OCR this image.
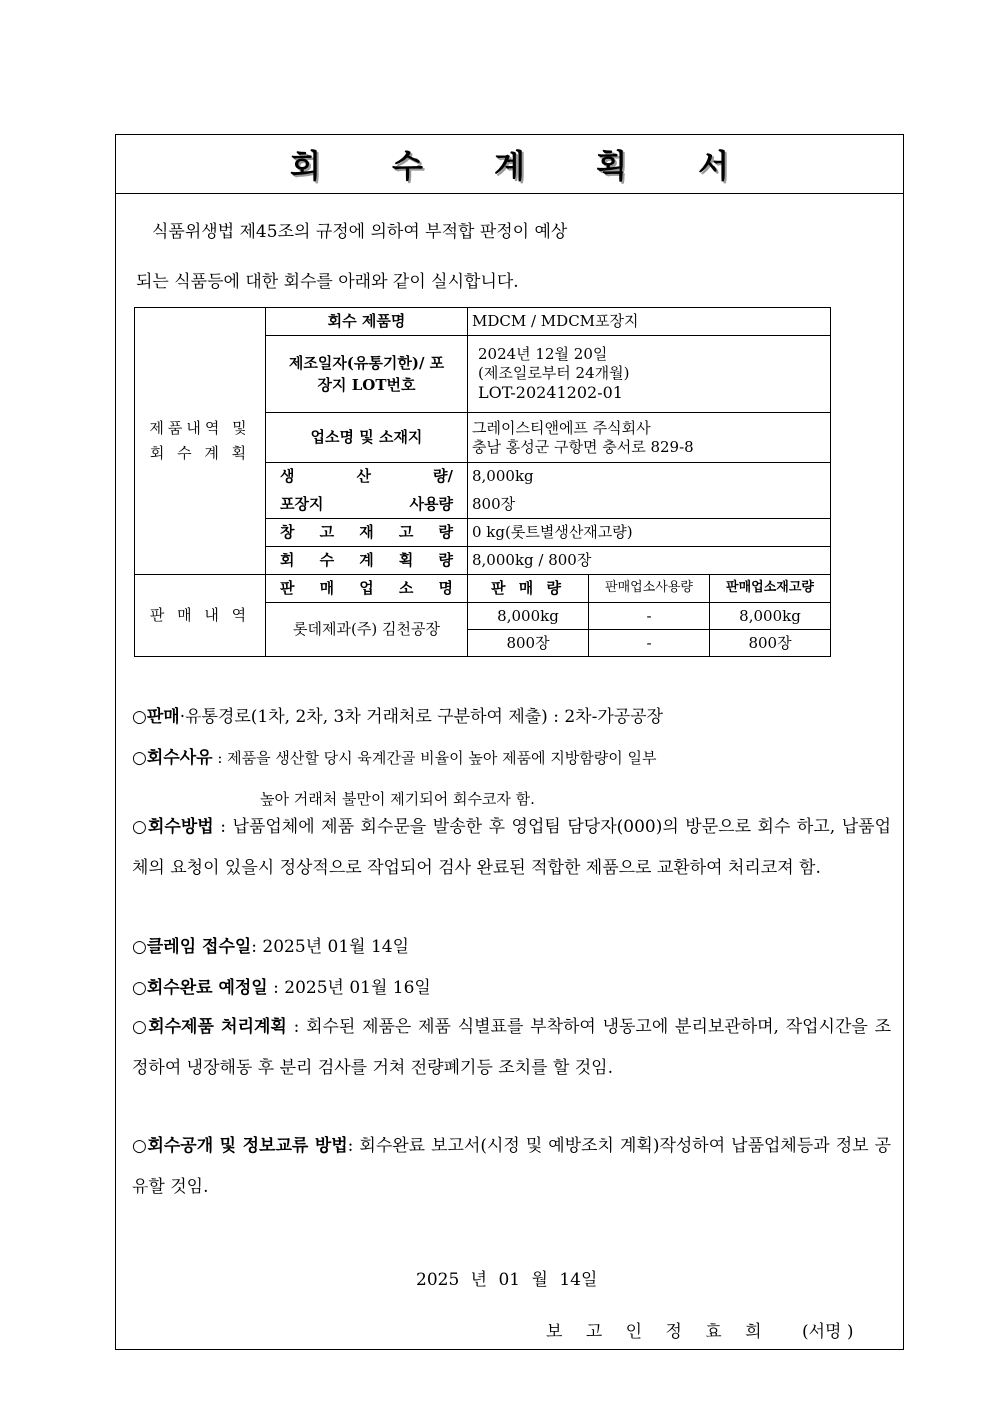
회 수 계 획 서
식품위생법 제45조의 규정에 의하여 부적합 판정이 예상
되는 식품등에 대한 회수를 아래와 같이 실시합니다.
제품내역 및 회 수 계 획	회수 제품명	MDCM / MDCM포장지		
	제조일자(유통기한)/ 포장지 LOT번호	2024년 12월 20일
(제조일로부터 24개월)
LOT-20241202-01		

	업소명 및 소재지	그레이스티앤에프 주식회사
충남 홍성군 구항면 충서로 829-8		

	생 산 량/	8,000kg		
	포장지 사용량	800장		
	창 고 재 고 량	0 kg(롯트별생산재고량)		
	회 수 계 획 량	8,000kg / 800장		
판 매 내 역	판 매 업 소 명	판 매 량	판매업소사용량	판매업소재고량
	롯데제과(주) 김천공장	8,000kg	-	8,000kg
		800장	-	800장
○판매·유통경로(1차, 2차, 3차 거래처로 구분하여 제출) : 2차-가공공장
○회수사유 : 제품을 생산할 당시 육계간골 비율이 높아 제품에 지방함량이 일부
높아 거래처 불만이 제기되어 회수코자 함.
○회수방법 : 납품업체에 제품 회수문을 발송한 후 영업팀 담당자(000)의 방문으로 회수 하고, 납품업체의 요청이 있을시 정상적으로 작업되어 검사 완료된 적합한 제품으로 교환하여 처리코져 함.
○클레임 접수일: 2025년 01월 14일
○회수완료 예정일 : 2025년 01월 16일
○회수제품 처리계획 : 회수된 제품은 제품 식별표를 부착하여 냉동고에 분리보관하며, 작업시간을 조정하여 냉장해동 후 분리 검사를 거쳐 전량폐기등 조치를 할 것임.
○회수공개 및 정보교류 방법: 회수완료 보고서(시정 및 예방조치 계획)작성하여 납품업체등과 정보 공유할 것임.
2025 년 01 월 14일
보 고 인 정 효 희 (서명 )
